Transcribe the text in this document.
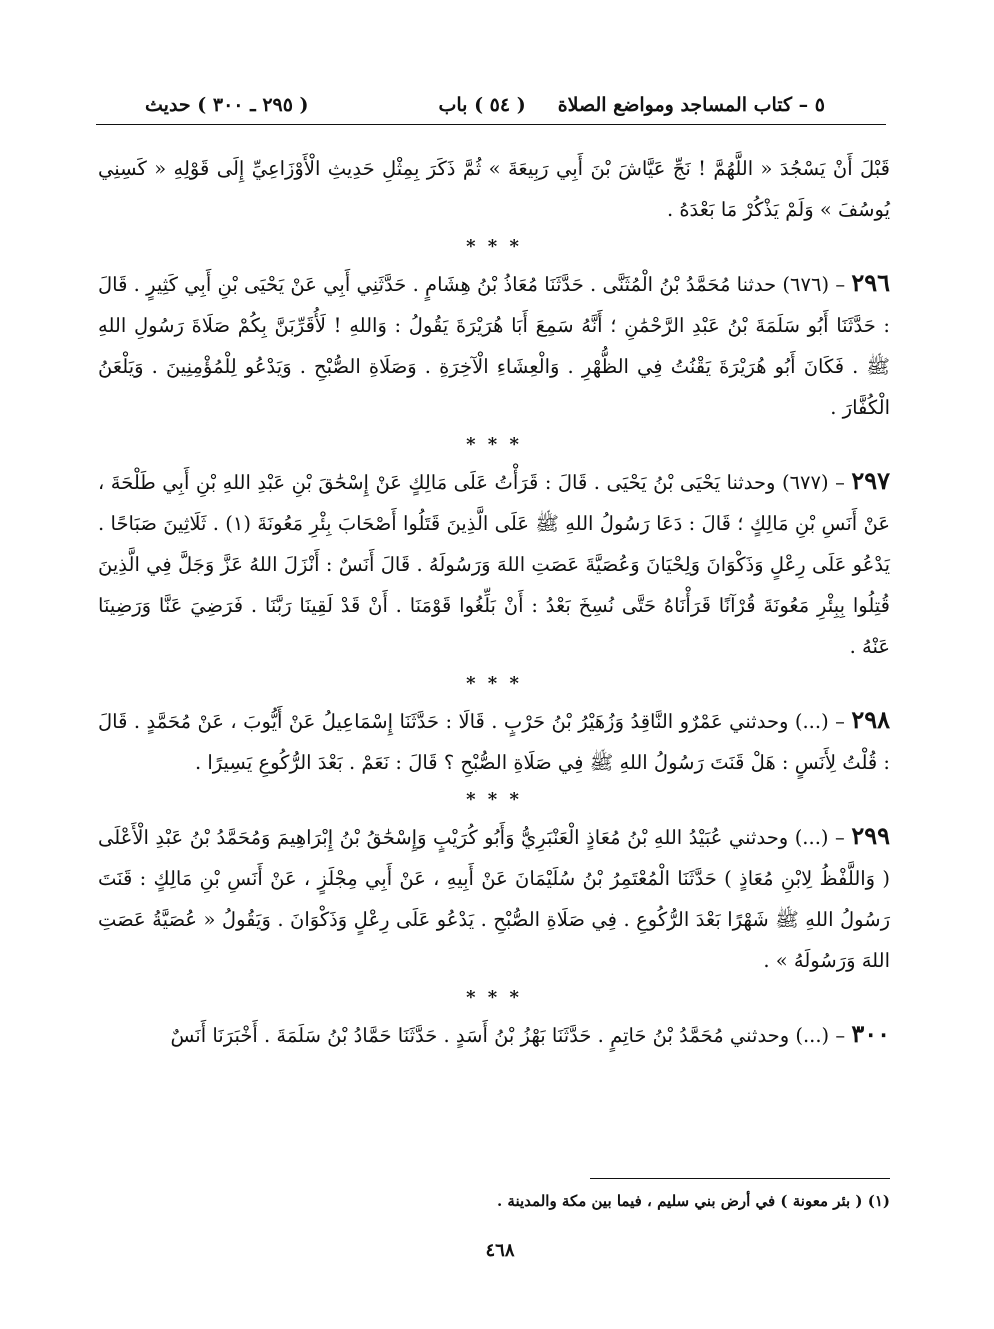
٥ – كتاب المساجد ومواضع الصلاة
( ٥٤ ) باب
( ٢٩٥ ـ ٣٠٠ ) حديث

قَبْلَ أَنْ يَسْجُدَ « اللَّهُمَّ ! نَجِّ عَيَّاشَ بْنَ أَبِي رَبِيعَةَ » ثُمَّ ذَكَرَ بِمِثْلِ حَدِيثِ الْأَوْزَاعِيِّ إِلَى قَوْلِهِ « كَسِنِي يُوسُفَ » وَلَمْ يَذْكُرْ مَا بَعْدَهُ .

* * *

٢٩٦ – (٦٧٦) حدثنا مُحَمَّدُ بْنُ الْمُثَنَّى . حَدَّثَنَا مُعَاذُ بْنُ هِشَامٍ . حَدَّثَنِي أَبِي عَنْ يَحْيَى بْنِ أَبِي كَثِيرٍ . قَالَ : حَدَّثَنَا أَبُو سَلَمَةَ بْنُ عَبْدِ الرَّحْمَٰنِ ؛ أَنَّهُ سَمِعَ أَبَا هُرَيْرَةَ يَقُولُ : وَاللهِ ! لَأُقَرِّبَنَّ بِكُمْ صَلَاةَ رَسُولِ اللهِ ﷺ . فَكَانَ أَبُو هُرَيْرَةَ يَقْنُتُ فِي الظُّهْرِ . وَالْعِشَاءِ الْآخِرَةِ . وَصَلَاةِ الصُّبْحِ . وَيَدْعُو لِلْمُؤْمِنِينَ . وَيَلْعَنُ الْكُفَّارَ .

* * *

٢٩٧ – (٦٧٧) وحدثنا يَحْيَى بْنُ يَحْيَى . قَالَ : قَرَأْتُ عَلَى مَالِكٍ عَنْ إِسْحَٰقَ بْنِ عَبْدِ اللهِ بْنِ أَبِي طَلْحَةَ ، عَنْ أَنَسِ بْنِ مَالِكٍ ؛ قَالَ : دَعَا رَسُولُ اللهِ ﷺ عَلَى الَّذِينَ قَتَلُوا أَصْحَابَ بِئْرِ مَعُونَةَ (١) . ثَلَاثِينَ صَبَاحًا . يَدْعُو عَلَى رِعْلٍ وَذَكْوَانَ وَلِحْيَانَ وَعُصَيَّةَ عَصَتِ اللهَ وَرَسُولَهُ . قَالَ أَنَسٌ : أَنْزَلَ اللهُ عَزَّ وَجَلَّ فِي الَّذِينَ قُتِلُوا بِبِئْرِ مَعُونَةَ قُرْآنًا قَرَأْنَاهُ حَتَّى نُسِخَ بَعْدُ : أَنْ بَلِّغُوا قَوْمَنَا . أَنْ قَدْ لَقِينَا رَبَّنَا . فَرَضِيَ عَنَّا وَرَضِينَا عَنْهُ .

* * *

٢٩٨ – (...) وحدثني عَمْرٌو النَّاقِدُ وَزُهَيْرُ بْنُ حَرْبٍ . قَالَا : حَدَّثَنَا إِسْمَاعِيلُ عَنْ أَيُّوبَ ، عَنْ مُحَمَّدٍ . قَالَ : قُلْتُ لِأَنَسٍ : هَلْ قَنَتَ رَسُولُ اللهِ ﷺ فِي صَلَاةِ الصُّبْحِ ؟ قَالَ : نَعَمْ . بَعْدَ الرُّكُوعِ يَسِيرًا .

* * *

٢٩٩ – (...) وحدثني عُبَيْدُ اللهِ بْنُ مُعَاذٍ الْعَنْبَرِيُّ وَأَبُو كُرَيْبٍ وَإِسْحَٰقُ بْنُ إِبْرَاهِيمَ وَمُحَمَّدُ بْنُ عَبْدِ الْأَعْلَى ( وَاللَّفْظُ لِابْنِ مُعَاذٍ ) حَدَّثَنَا الْمُعْتَمِرُ بْنُ سُلَيْمَانَ عَنْ أَبِيهِ ، عَنْ أَبِي مِجْلَزٍ ، عَنْ أَنَسِ بْنِ مَالِكٍ : قَنَتَ رَسُولُ اللهِ ﷺ شَهْرًا بَعْدَ الرُّكُوعِ . فِي صَلَاةِ الصُّبْحِ . يَدْعُو عَلَى رِعْلٍ وَذَكْوَانَ . وَيَقُولُ « عُصَيَّةُ عَصَتِ اللهَ وَرَسُولَهُ » .

* * *

٣٠٠ – (...) وحدثني مُحَمَّدُ بْنُ حَاتِمٍ . حَدَّثَنَا بَهْزُ بْنُ أَسَدٍ . حَدَّثَنَا حَمَّادُ بْنُ سَلَمَةَ . أَخْبَرَنَا أَنَسٌ

(١) ( بئر معونة ) في أرض بني سليم ، فيما بين مكة والمدينة .
٤٦٨
